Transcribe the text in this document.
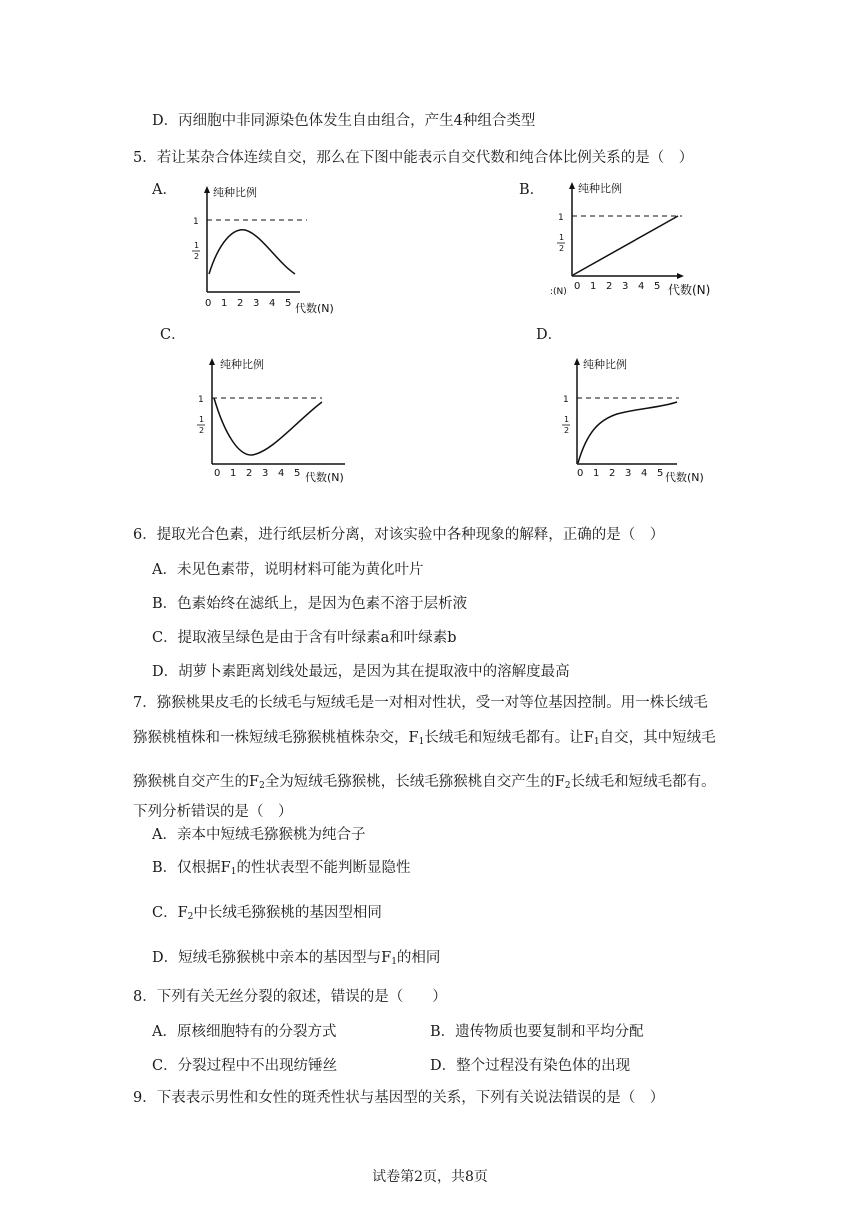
D．丙细胞中非同源染色体发生自由组合，产生4种组合类型
5．若让某杂合体连续自交，那么在下图中能表示自交代数和纯合体比例关系的是（　）
A．	B．
C．	D．
纯种比例
1
1
2
0 1 2 3 4 5 代数(N)
纯种比例
1
1
2
:(N) 0 1 2 3 4 5 代数(N)
纯种比例
1
1
2
0 1 2 3 4 5 代数(N)
纯种比例
1
1
2
0 1 2 3 4 5 代数(N)
6．提取光合色素，进行纸层析分离，对该实验中各种现象的解释，正确的是（　）
A．未见色素带，说明材料可能为黄化叶片
B．色素始终在滤纸上，是因为色素不溶于层析液
C．提取液呈绿色是由于含有叶绿素a和叶绿素b
D．胡萝卜素距离划线处最远，是因为其在提取液中的溶解度最高
7．猕猴桃果皮毛的长绒毛与短绒毛是一对相对性状，受一对等位基因控制。用一株长绒毛
猕猴桃植株和一株短绒毛猕猴桃植株杂交，$F_1$长绒毛和短绒毛都有。让$F_1$自交，其中短绒毛
猕猴桃自交产生的$F_2$全为短绒毛猕猴桃，长绒毛猕猴桃自交产生的$F_2$长绒毛和短绒毛都有。
下列分析错误的是（　）
A．亲本中短绒毛猕猴桃为纯合子
B．仅根据$F_1$的性状表型不能判断显隐性
C．$F_2$中长绒毛猕猴桃的基因型相同
D．短绒毛猕猴桃中亲本的基因型与$F_1$的相同
8．下列有关无丝分裂的叙述，错误的是（　　）
A．原核细胞特有的分裂方式	B．遗传物质也要复制和平均分配
C．分裂过程中不出现纺锤丝	D．整个过程没有染色体的出现
9．下表表示男性和女性的斑秃性状与基因型的关系，下列有关说法错误的是（　）
试卷第2页，共8页
